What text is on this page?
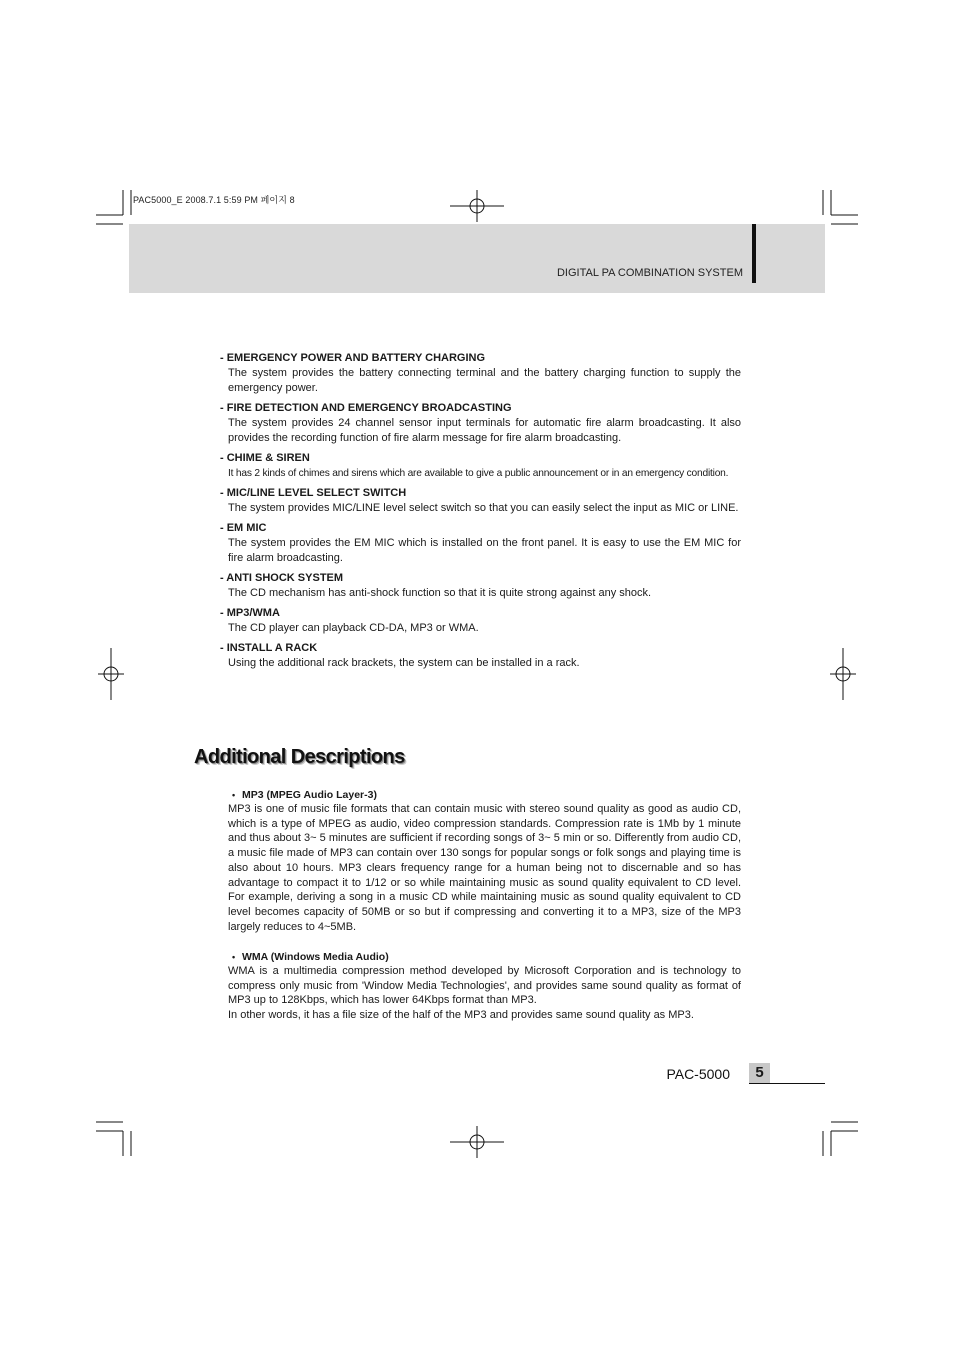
PAC5000_E 2008.7.1 5:59 PM 페이지 8
DIGITAL PA COMBINATION SYSTEM
- EMERGENCY POWER AND BATTERY CHARGING
The system provides the battery connecting terminal and the battery charging function to supply the emergency power.
- FIRE DETECTION AND EMERGENCY BROADCASTING
The system provides 24 channel sensor input terminals for automatic fire alarm broadcasting. It also provides the recording function of fire alarm message for fire alarm broadcasting.
- CHIME & SIREN
It has 2 kinds of chimes and sirens which are available to give a public announcement or in an emergency condition.
- MIC/LINE LEVEL SELECT SWITCH
The system provides MIC/LINE level select switch so that you can easily select the input as MIC or LINE.
- EM MIC
The system provides the EM MIC which is installed on the front panel. It is easy to use the EM MIC for fire alarm broadcasting.
- ANTI SHOCK SYSTEM
The CD mechanism has anti-shock function so that it is quite strong against any shock.
- MP3/WMA
The CD player can playback CD-DA, MP3 or WMA.
- INSTALL A RACK
Using the additional rack brackets, the system can be installed in a rack.
Additional Descriptions
• MP3 (MPEG Audio Layer-3)
MP3 is one of music file formats that can contain music with stereo sound quality as good as audio CD, which is a type of MPEG as audio, video compression standards. Compression rate is 1Mb by 1 minute and thus about 3~ 5 minutes are sufficient if recording songs of 3~ 5 min or so. Differently from audio CD, a music file made of MP3 can contain over 130 songs for popular songs or folk songs and playing time is also about 10 hours. MP3 clears frequency range for a human being not to discernable and so has advantage to compact it to 1/12 or so while maintaining music as sound quality equivalent to CD level. For example, deriving a song in a music CD while maintaining music as sound quality equivalent to CD level becomes capacity of 50MB or so but if compressing and converting it to a MP3, size of the MP3 largely reduces to 4~5MB.
• WMA (Windows Media Audio)
WMA is a multimedia compression method developed by Microsoft Corporation and is technology to compress only music from 'Window Media Technologies', and provides same sound quality as format of MP3 up to 128Kbps, which has lower 64Kbps format than MP3.
In other words, it has a file size of the half of the MP3 and provides same sound quality as MP3.
PAC-5000	5
